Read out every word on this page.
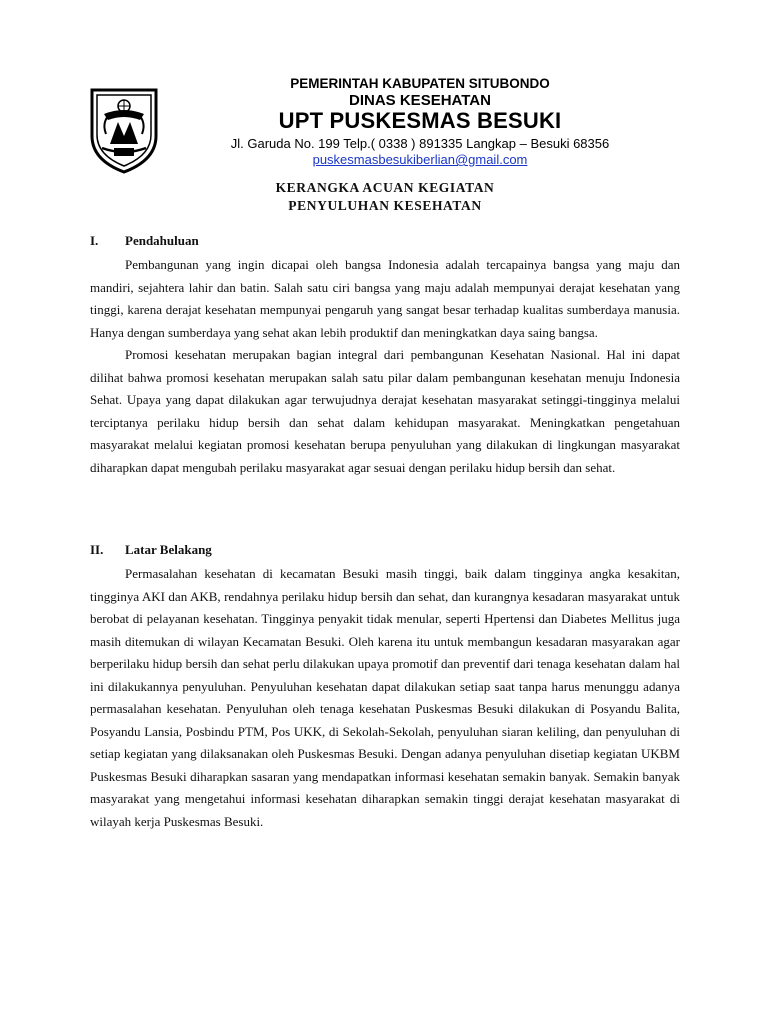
PEMERINTAH KABUPATEN SITUBONDO
DINAS KESEHATAN
UPT PUSKESMAS BESUKI
Jl. Garuda No. 199 Telp.( 0338 ) 891335 Langkap – Besuki 68356
puskesmasbesukiberlian@gmail.com
KERANGKA ACUAN KEGIATAN
PENYULUHAN KESEHATAN
I. Pendahuluan

Pembangunan yang ingin dicapai oleh bangsa Indonesia adalah tercapainya bangsa yang maju dan mandiri, sejahtera lahir dan batin. Salah satu ciri bangsa yang maju adalah mempunyai derajat kesehatan yang tinggi, karena derajat kesehatan mempunyai pengaruh yang sangat besar terhadap kualitas sumberdaya manusia. Hanya dengan sumberdaya yang sehat akan lebih produktif dan meningkatkan daya saing bangsa.

Promosi kesehatan merupakan bagian integral dari pembangunan Kesehatan Nasional. Hal ini dapat dilihat bahwa promosi kesehatan merupakan salah satu pilar dalam pembangunan kesehatan menuju Indonesia Sehat. Upaya yang dapat dilakukan agar terwujudnya derajat kesehatan masyarakat setinggi-tingginya melalui terciptanya perilaku hidup bersih dan sehat dalam kehidupan masyarakat. Meningkatkan pengetahuan masyarakat melalui kegiatan promosi kesehatan berupa penyuluhan yang dilakukan di lingkungan masyarakat diharapkan dapat mengubah perilaku masyarakat agar sesuai dengan perilaku hidup bersih dan sehat.

II. Latar Belakang

Permasalahan kesehatan di kecamatan Besuki masih tinggi, baik dalam tingginya angka kesakitan, tingginya AKI dan AKB, rendahnya perilaku hidup bersih dan sehat, dan kurangnya kesadaran masyarakat untuk berobat di pelayanan kesehatan. Tingginya penyakit tidak menular, seperti Hpertensi dan Diabetes Mellitus juga masih ditemukan di wilayan Kecamatan Besuki. Oleh karena itu untuk membangun kesadaran masyarakan agar berperilaku hidup bersih dan sehat perlu dilakukan upaya promotif dan preventif dari tenaga kesehatan dalam hal ini dilakukannya penyuluhan. Penyuluhan kesehatan dapat dilakukan setiap saat tanpa harus menunggu adanya permasalahan kesehatan. Penyuluhan oleh tenaga kesehatan Puskesmas Besuki dilakukan di Posyandu Balita, Posyandu Lansia, Posbindu PTM, Pos UKK, di Sekolah-Sekolah, penyuluhan siaran keliling, dan penyuluhan di setiap kegiatan yang dilaksanakan oleh Puskesmas Besuki. Dengan adanya penyuluhan disetiap kegiatan UKBM Puskesmas Besuki diharapkan sasaran yang mendapatkan informasi kesehatan semakin banyak. Semakin banyak masyarakat yang mengetahui informasi kesehatan diharapkan semakin tinggi derajat kesehatan masyarakat di wilayah kerja Puskesmas Besuki.
